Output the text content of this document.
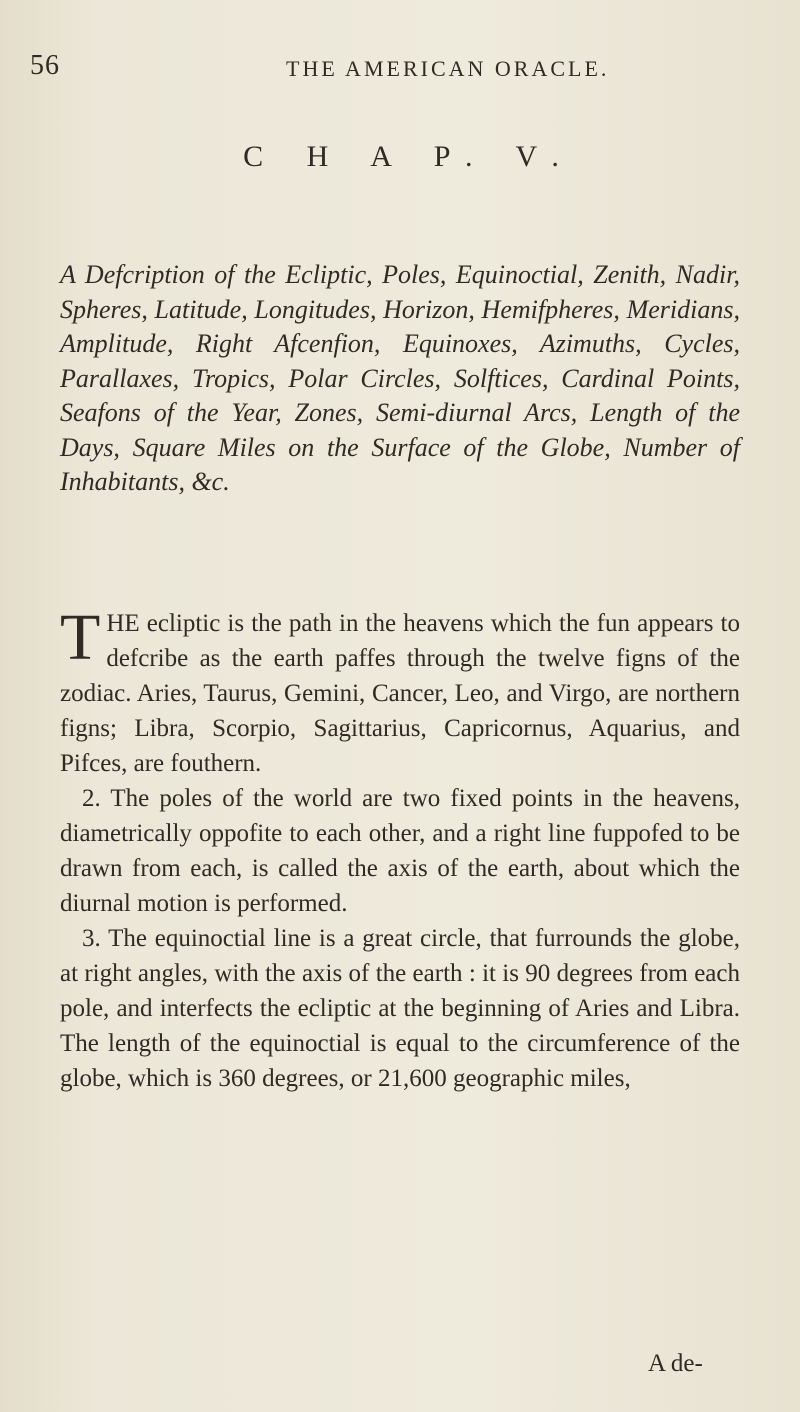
56	THE AMERICAN ORACLE.
C H A P. V.

A Defcription of the Ecliptic, Poles, Equinoctial, Zenith, Nadir, Spheres, Latitude, Longitudes, Horizon, Hemifpheres, Meridians, Amplitude, Right Afcenfion, Equinoxes, Azimuths, Cycles, Parallaxes, Tropics, Polar Circles, Solftices, Cardinal Points, Seafons of the Year, Zones, Semi-diurnal Arcs, Length of the Days, Square Miles on the Surface of the Globe, Number of Inhabitants, &c.

T HE ecliptic is the path in the heavens which the fun appears to defcribe as the earth paffes through the twelve figns of the zodiac. Aries, Taurus, Gemini, Cancer, Leo, and Virgo, are northern figns; Libra, Scorpio, Sagittarius, Capricornus, Aquarius, and Pifces, are fouthern.

2. The poles of the world are two fixed points in the heavens, diametrically oppofite to each other, and a right line fuppofed to be drawn from each, is called the axis of the earth, about which the diurnal motion is performed.

3. The equinoctial line is a great circle, that furrounds the globe, at right angles, with the axis of the earth : it is 90 degrees from each pole, and interfects the ecliptic at the beginning of Aries and Libra. The length of the equinoctial is equal to the circumference of the globe, which is 360 degrees, or 21,600 geographic miles,

A de-
